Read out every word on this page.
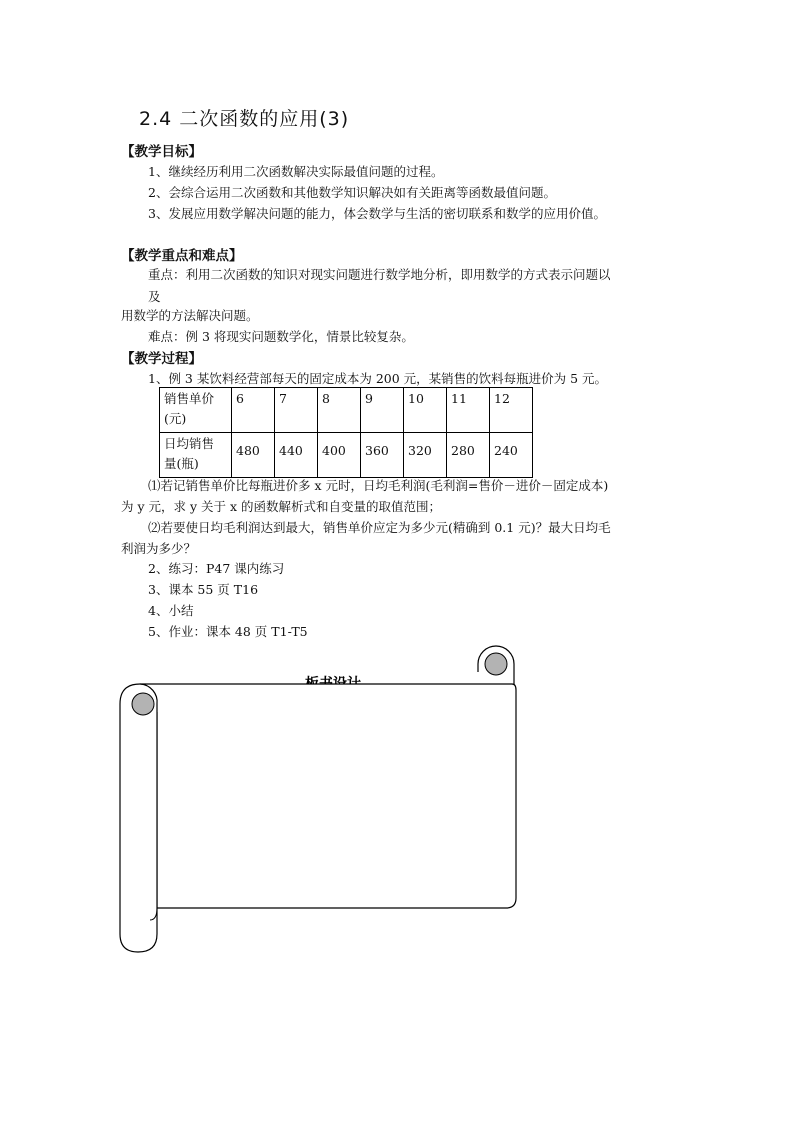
2.4 二次函数的应用(3)
【教学目标】
1、继续经历利用二次函数解决实际最值问题的过程。
2、会综合运用二次函数和其他数学知识解决如有关距离等函数最值问题。
3、发展应用数学解决问题的能力，体会数学与生活的密切联系和数学的应用价值。
【教学重点和难点】
重点：利用二次函数的知识对现实问题进行数学地分析，即用数学的方式表示问题以
及
用数学的方法解决问题。
难点：例 3 将现实问题数学化，情景比较复杂。
【教学过程】
1、例 3 某饮料经营部每天的固定成本为 200 元，某销售的饮料每瓶进价为 5 元。
销售单价
(元)	6	7	8	9	10	11	12
日均销售
量(瓶)	480	440	400	360	320	280	240
⑴若记销售单价比每瓶进价多 x 元时，日均毛利润(毛利润=售价－进价－固定成本)
为 y 元，求 y 关于 x 的函数解析式和自变量的取值范围；
⑵若要使日均毛利润达到最大，销售单价应定为多少元(精确到 0.1 元)？最大日均毛
利润为多少？
2、练习：P47 课内练习
3、课本 55 页 T16
4、小结
5、作业：课本 48 页 T1-T5
